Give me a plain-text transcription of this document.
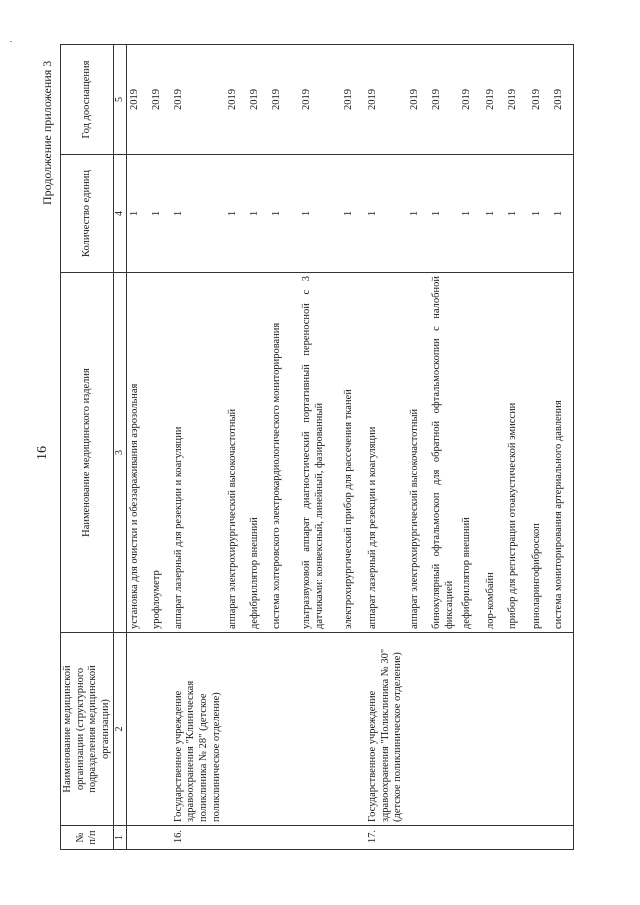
16
Продолжение приложения 3
№ п/п	Наименование медицинской организации (структурного подразделения медицинской организации)	Наименование медицинского изделия	Количество единиц	Год дооснащения
1	2	3	4	5
		установка для очистки и обеззараживания аэрозольная	1	2019
		урофлоуметр	1	2019
16.	Государственное учреждение здравоохранения "Клиническая поликлиника № 28" (детское поликлиническое отделение)	аппарат лазерный для резекции и коагуляции	1	2019
		аппарат электрохирургический высокочастотный	1	2019
		дефибриллятор внешний	1	2019
		система холтеровского электрокардиологического мониторирования	1	2019
		ультразвуковой аппарат диагностический портативный переносной с 3 датчиками: конвексный, линейный, фазированный	1	2019
		электрохирургический прибор для рассечения тканей	1	2019
17.	Государственное учреждение здравоохранения "Поликлиника № 30" (детское поликлиническое отделение)	аппарат лазерный для резекции и коагуляции	1	2019
		аппарат электрохирургический высокочастотный	1	2019
		бинокулярный офтальмоскоп для обратной офтальмоскопии с налобной фиксацией	1	2019
		дефибриллятор внешний	1	2019
		лор-комбайн	1	2019
		прибор для регистрации отоакустической эмиссии	1	2019
		риноларингофиброскоп	1	2019
		система мониторирования артериального давления	1	2019
·
